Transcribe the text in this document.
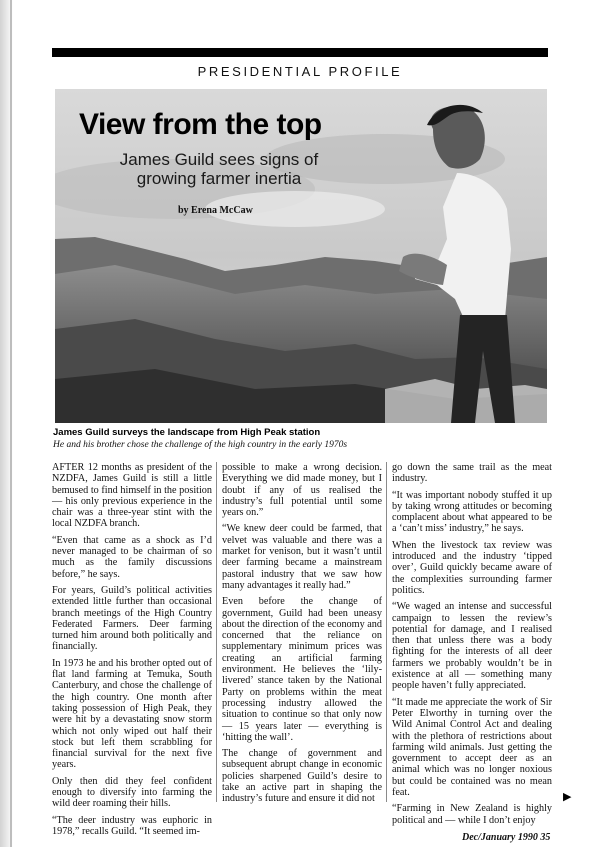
PRESIDENTIAL PROFILE
View from the top
James Guild sees signs of growing farmer inertia
by Erena McCaw
James Guild surveys the landscape from High Peak station
He and his brother chose the challenge of the high country in the early 1970s

AFTER 12 months as president of the NZDFA, James Guild is still a little bemused to find himself in the position — his only previous experience in the chair was a three-year stint with the local NZDFA branch.

“Even that came as a shock as I’d never managed to be chairman of so much as the family discussions before,” he says.

For years, Guild’s political activities extended little further than occasional branch meetings of the High Country Federated Farmers. Deer farming turned him around both politically and financially.

In 1973 he and his brother opted out of flat land farming at Temuka, South Canterbury, and chose the challenge of the high country. One month after taking possession of High Peak, they were hit by a devastating snow storm which not only wiped out half their stock but left them scrabbling for financial survival for the next five years.

Only then did they feel confident enough to diversify into farming the wild deer roaming their hills.

“The deer industry was euphoric in 1978,” recalls Guild. “It seemed im-

possible to make a wrong decision. Everything we did made money, but I doubt if any of us realised the industry’s full potential until some years on.”

“We knew deer could be farmed, that velvet was valuable and there was a market for venison, but it wasn’t until deer farming became a mainstream pastoral industry that we saw how many advantages it really had.”

Even before the change of government, Guild had been uneasy about the direction of the economy and concerned that the reliance on supplementary minimum prices was creating an artificial farming environment. He believes the ‘lily-livered’ stance taken by the National Party on problems within the meat processing industry allowed the situation to continue so that only now — 15 years later — everything is ‘hitting the wall’.

The change of government and subsequent abrupt change in economic policies sharpened Guild’s desire to take an active part in shaping the industry’s future and ensure it did not

go down the same trail as the meat industry.

“It was important nobody stuffed it up by taking wrong attitudes or becoming complacent about what appeared to be a ‘can’t miss’ industry,” he says.

When the livestock tax review was introduced and the industry ‘tipped over’, Guild quickly became aware of the complexities surrounding farmer politics.

“We waged an intense and successful campaign to lessen the review’s potential for damage, and I realised then that unless there was a body fighting for the interests of all deer farmers we probably wouldn’t be in existence at all — something many people haven’t fully appreciated.

“It made me appreciate the work of Sir Peter Elworthy in turning over the Wild Animal Control Act and dealing with the plethora of restrictions about farming wild animals. Just getting the government to accept deer as an animal which was no longer noxious but could be contained was no mean feat.

“Farming in New Zealand is highly political and — while I don’t enjoy

▶
Dec/January 1990 35
